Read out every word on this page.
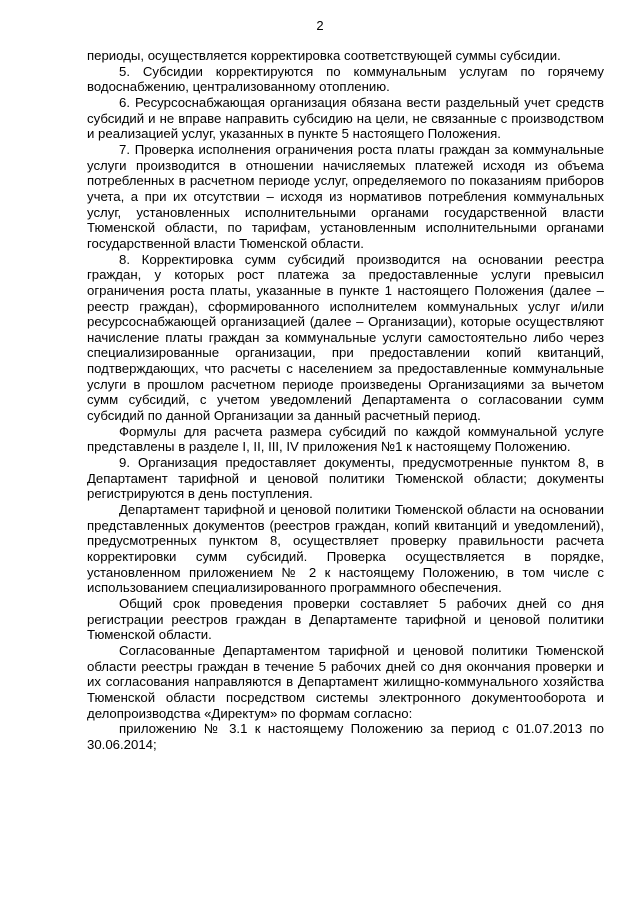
2

периоды, осуществляется корректировка соответствующей суммы субсидии.

5. Субсидии корректируются по коммунальным услугам по горячему водоснабжению, централизованному отоплению.

6. Ресурсоснабжающая организация обязана вести раздельный учет средств субсидий и не вправе направить субсидию на цели, не связанные с производством и реализацией услуг, указанных в пункте 5 настоящего Положения.

7. Проверка исполнения ограничения роста платы граждан за коммунальные услуги производится в отношении начисляемых платежей исходя из объема потребленных в расчетном периоде услуг, определяемого по показаниям приборов учета, а при их отсутствии – исходя из нормативов потребления коммунальных услуг, установленных исполнительными органами государственной власти Тюменской области, по тарифам, установленным исполнительными органами государственной власти Тюменской области.

8. Корректировка сумм субсидий производится на основании реестра граждан, у которых рост платежа за предоставленные услуги превысил ограничения роста платы, указанные в пункте 1 настоящего Положения (далее – реестр граждан), сформированного исполнителем коммунальных услуг и/или ресурсоснабжающей организацией (далее – Организации), которые осуществляют начисление платы граждан за коммунальные услуги самостоятельно либо через специализированные организации, при предоставлении копий квитанций, подтверждающих, что расчеты с населением за предоставленные коммунальные услуги в прошлом расчетном периоде произведены Организациями за вычетом сумм субсидий, с учетом уведомлений Департамента о согласовании сумм субсидий по данной Организации за данный расчетный период.

Формулы для расчета размера субсидий по каждой коммунальной услуге представлены в разделе I, II, III, IV приложения №1 к настоящему Положению.

9. Организация предоставляет документы, предусмотренные пунктом 8, в Департамент тарифной и ценовой политики Тюменской области; документы регистрируются в день поступления.

Департамент тарифной и ценовой политики Тюменской области на основании представленных документов (реестров граждан, копий квитанций и уведомлений), предусмотренных пунктом 8, осуществляет проверку правильности расчета корректировки сумм субсидий. Проверка осуществляется в порядке, установленном приложением № 2 к настоящему Положению, в том числе с использованием специализированного программного обеспечения.

Общий срок проведения проверки составляет 5 рабочих дней со дня регистрации реестров граждан в Департаменте тарифной и ценовой политики Тюменской области.

Согласованные Департаментом тарифной и ценовой политики Тюменской области реестры граждан в течение 5 рабочих дней со дня окончания проверки и их согласования направляются в Департамент жилищно-коммунального хозяйства Тюменской области посредством системы электронного документооборота и делопроизводства «Директум» по формам согласно:

приложению № 3.1 к настоящему Положению за период с 01.07.2013 по 30.06.2014;
